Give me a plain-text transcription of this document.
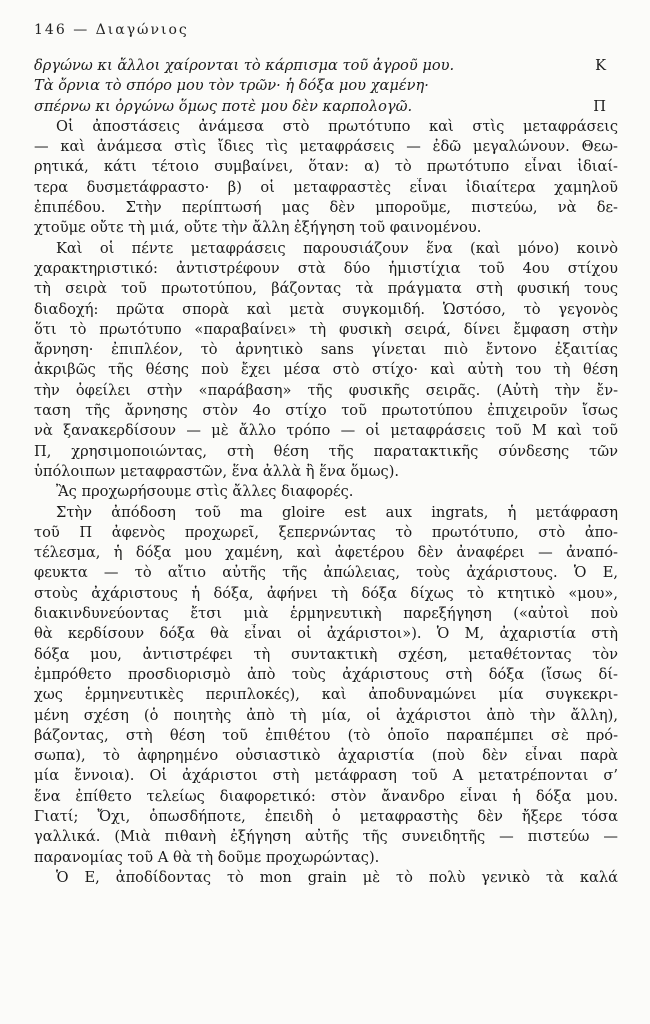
146 — Διαγώνιος
δργώνω κι ἄλλοι χαίρονται τὸ κάρπισμα τοῦ ἀγροῦ μου.	Κ
Τὰ ὄρνια τὸ σπόρο μου τὸν τρῶν· ἡ δόξα μου χαμένη·
σπέρνω κι ὀργώνω ὅμως ποτὲ μου δὲν καρπολογῶ.	Π
Οἱ ἀποστάσεις ἀνάμεσα στὸ πρωτότυπο καὶ στὶς μεταφράσεις
— καὶ ἀνάμεσα στὶς ἴδιες τὶς μεταφράσεις — ἐδῶ μεγαλώνουν. Θεω-
ρητικά, κάτι τέτοιο συμβαίνει, ὅταν: α) τὸ πρωτότυπο εἶναι ἰδιαί-
τερα δυσμετάφραστο· β) οἱ μεταφραστὲς εἶναι ἰδιαίτερα χαμηλοῦ
ἐπιπέδου. Στὴν περίπτωσή μας δὲν μποροῦμε, πιστεύω, νὰ δε-
χτοῦμε οὔτε τὴ μιά, οὔτε τὴν ἄλλη ἐξήγηση τοῦ φαινομένου.
Καὶ οἱ πέντε μεταφράσεις παρουσιάζουν ἕνα (καὶ μόνο) κοινὸ
χαρακτηριστικό: ἀντιστρέφουν στὰ δύο ἡμιστίχια τοῦ 4ου στίχου
τὴ σειρὰ τοῦ πρωτοτύπου, βάζοντας τὰ πράγματα στὴ φυσική τους
διαδοχή: πρῶτα σπορὰ καὶ μετὰ συγκομιδή. Ὡστόσο, τὸ γεγονὸς
ὅτι τὸ πρωτότυπο «παραβαίνει» τὴ φυσικὴ σειρά, δίνει ἔμφαση στὴν
ἄρνηση· ἐπιπλέον, τὸ ἀρνητικὸ sans γίνεται πιὸ ἔντονο ἐξαιτίας
ἀκριβῶς τῆς θέσης ποὺ ἔχει μέσα στὸ στίχο· καὶ αὐτὴ του τὴ θέση
τὴν ὀφείλει στὴν «παράβαση» τῆς φυσικῆς σειρᾶς. (Αὐτὴ τὴν ἔν-
ταση τῆς ἄρνησης στὸν 4ο στίχο τοῦ πρωτοτύπου ἐπιχειροῦν ἴσως
νὰ ξανακερδίσουν — μὲ ἄλλο τρόπο — οἱ μεταφράσεις τοῦ Μ καὶ τοῦ
Π, χρησιμοποιώντας, στὴ θέση τῆς παρατακτικῆς σύνδεσης τῶν
ὑπόλοιπων μεταφραστῶν, ἕνα ἀλλὰ ἢ ἕνα ὅμως).
Ἂς προχωρήσουμε στὶς ἄλλες διαφορές.
Στὴν ἀπόδοση τοῦ ma gloire est aux ingrats, ἡ μετάφραση
τοῦ Π ἀφενὸς προχωρεῖ, ξεπερνώντας τὸ πρωτότυπο, στὸ ἀπο-
τέλεσμα, ἡ δόξα μου χαμένη, καὶ ἀφετέρου δὲν ἀναφέρει — ἀναπό-
φευκτα — τὸ αἴτιο αὐτῆς τῆς ἀπώλειας, τοὺς ἀχάριστους. Ὁ Ε,
στοὺς ἀχάριστους ἡ δόξα, ἀφήνει τὴ δόξα δίχως τὸ κτητικὸ «μου»,
διακινδυνεύοντας ἔτσι μιὰ ἑρμηνευτικὴ παρεξήγηση («αὐτοὶ ποὺ
θὰ κερδίσουν δόξα θὰ εἶναι οἱ ἀχάριστοι»). Ὁ Μ, ἀχαριστία στὴ
δόξα μου, ἀντιστρέφει τὴ συντακτικὴ σχέση, μεταθέτοντας τὸν
ἐμπρόθετο προσδιορισμὸ ἀπὸ τοὺς ἀχάριστους στὴ δόξα (ἴσως δί-
χως ἑρμηνευτικὲς περιπλοκές), καὶ ἀποδυναμώνει μία συγκεκρι-
μένη σχέση (ὁ ποιητὴς ἀπὸ τὴ μία, οἱ ἀχάριστοι ἀπὸ τὴν ἄλλη),
βάζοντας, στὴ θέση τοῦ ἐπιθέτου (τὸ ὁποῖο παραπέμπει σὲ πρό-
σωπα), τὸ ἀφηρημένο οὐσιαστικὸ ἀχαριστία (ποὺ δὲν εἶναι παρὰ
μία ἔννοια). Οἱ ἀχάριστοι στὴ μετάφραση τοῦ Α μετατρέπονται σ’
ἕνα ἐπίθετο τελείως διαφορετικό: στὸν ἄνανδρο εἶναι ἡ δόξα μου.
Γιατί; Ὄχι, ὁπωσδήποτε, ἐπειδὴ ὁ μεταφραστὴς δὲν ἤξερε τόσα
γαλλικά. (Μιὰ πιθανὴ ἐξήγηση αὐτῆς τῆς συνειδητῆς — πιστεύω —
παρανομίας τοῦ Α θὰ τὴ δοῦμε προχωρώντας).
Ὁ Ε, ἀποδίδοντας τὸ mon grain μὲ τὸ πολὺ γενικὸ τὰ καλά
